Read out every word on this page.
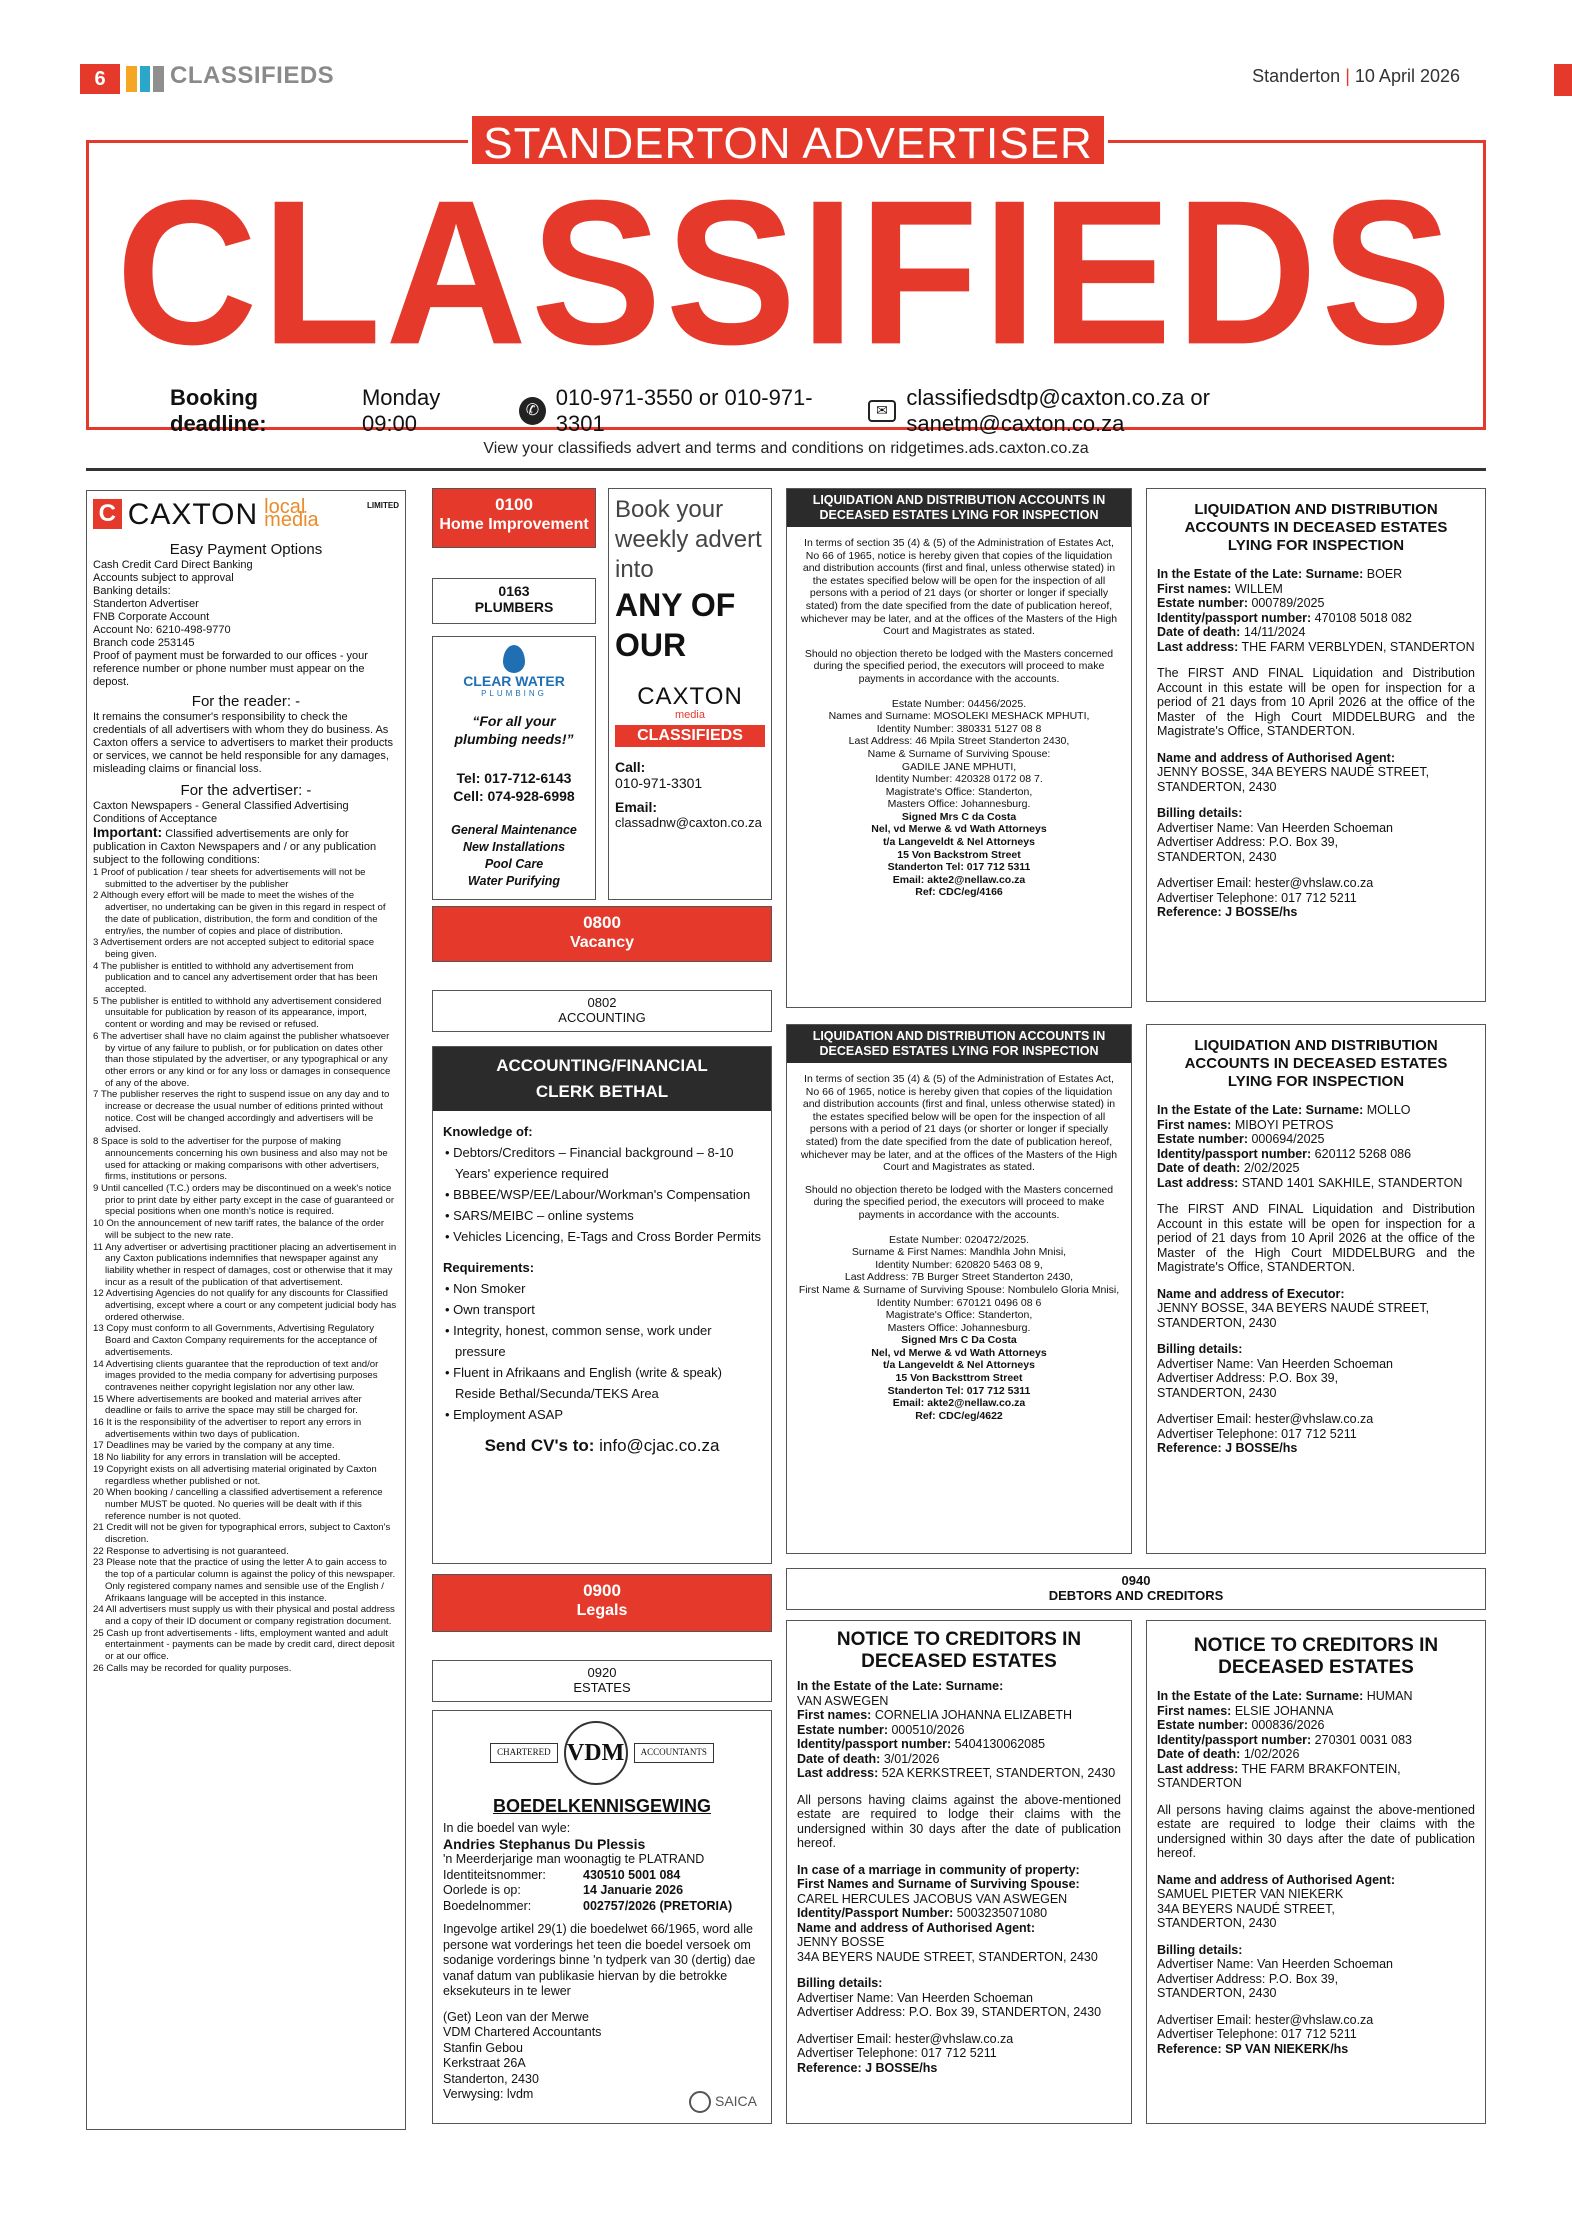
6	CLASSIFIEDS	Standerton | 10 April 2026
STANDERTON ADVERTISER
CLASSIFIEDS
Booking deadline:
Monday 09:00
✆
010-971-3550 or 010-971-3301
✉ classifiedsdtp@caxton.co.za or sanetm@caxton.co.za
View your classifieds advert and terms and conditions on ridgetimes.ads.caxton.co.za
C CAXTON local media
LIMITED
Easy Payment Options
Cash Credit Card Direct Banking
Accounts subject to approval
Banking details:
Standerton Advertiser
FNB Corporate Account
Account No: 6210-498-9770
Branch code 253145
Proof of payment must be forwarded to our offices - your reference number or phone number must appear on the depost.
For the reader: -
It remains the consumer's responsibility to check the credentials of all advertisers with whom they do business. As Caxton offers a service to advertisers to market their products or services, we cannot be held responsible for any damages, misleading claims or financial loss.
For the advertiser: -
Caxton Newspapers - General Classified Advertising Conditions of Acceptance
Important: Classified advertisements are only for publication in Caxton Newspapers and / or any publication subject to the following conditions:
1 Proof of publication / tear sheets for advertisements will not be submitted to the advertiser by the publisher
2 Although every effort will be made to meet the wishes of the advertiser, no undertaking can be given in this regard in respect of the date of publication, distribution, the form and condition of the entry/ies, the number of copies and place of distribution.
3 Advertisement orders are not accepted subject to editorial space being given.
4 The publisher is entitled to withhold any advertisement from publication and to cancel any advertisement order that has been accepted.
5 The publisher is entitled to withhold any advertisement considered unsuitable for publication by reason of its appearance, import, content or wording and may be revised or refused.
6 The advertiser shall have no claim against the publisher whatsoever by virtue of any failure to publish, or for publication on dates other than those stipulated by the advertiser, or any typographical or any other errors or any kind or for any loss or damages in consequence of any of the above.
7 The publisher reserves the right to suspend issue on any day and to increase or decrease the usual number of editions printed without notice. Cost will be changed accordingly and advertisers will be advised.
8 Space is sold to the advertiser for the purpose of making announcements concerning his own business and also may not be used for attacking or making comparisons with other advertisers, firms, institutions or persons.
9 Until cancelled (T.C.) orders may be discontinued on a week's notice prior to print date by either party except in the case of guaranteed or special positions when one month's notice is required.
10 On the announcement of new tariff rates, the balance of the order will be subject to the new rate.
11 Any advertiser or advertising practitioner placing an advertisement in any Caxton publications indemnifies that newspaper against any liability whether in respect of damages, cost or otherwise that it may incur as a result of the publication of that advertisement.
12 Advertising Agencies do not qualify for any discounts for Classified advertising, except where a court or any competent judicial body has ordered otherwise.
13 Copy must conform to all Governments, Advertising Regulatory Board and Caxton Company requirements for the acceptance of advertisements.
14 Advertising clients guarantee that the reproduction of text and/or images provided to the media company for advertising purposes contravenes neither copyright legislation nor any other law.
15 Where advertisements are booked and material arrives after deadline or fails to arrive the space may still be charged for.
16 It is the responsibility of the advertiser to report any errors in advertisements within two days of publication.
17 Deadlines may be varied by the company at any time.
18 No liability for any errors in translation will be accepted.
19 Copyright exists on all advertising material originated by Caxton regardless whether published or not.
20 When booking / cancelling a classified advertisement a reference number MUST be quoted. No queries will be dealt with if this reference number is not quoted.
21 Credit will not be given for typographical errors, subject to Caxton's discretion.
22 Response to advertising is not guaranteed.
23 Please note that the practice of using the letter A to gain access to the top of a particular column is against the policy of this newspaper. Only registered company names and sensible use of the English / Afrikaans language will be accepted in this instance.
24 All advertisers must supply us with their physical and postal address and a copy of their ID document or company registration document.
25 Cash up front advertisements - lifts, employment wanted and adult entertainment - payments can be made by credit card, direct deposit or at our office.
26 Calls may be recorded for quality purposes.
0100
Home Improvement
0163
PLUMBERS
CLEAR WATER
PLUMBING
“For all your plumbing needs!”
Tel: 017-712-6143
Cell: 074-928-6998
General Maintenance
New Installations
Pool Care
Water Purifying
0800
Vacancy
0802
ACCOUNTING
ACCOUNTING/FINANCIAL CLERK BETHAL
Knowledge of:
• Debtors/Creditors – Financial background – 8-10 Years' experience required
• BBBEE/WSP/EE/Labour/Workman's Compensation
• SARS/MEIBC – online systems
• Vehicles Licencing, E-Tags and Cross Border Permits
Requirements:
• Non Smoker
• Own transport
• Integrity, honest, common sense, work under pressure
• Fluent in Afrikaans and English (write & speak) Reside Bethal/Secunda/TEKS Area
• Employment ASAP
Send CV's to: info@cjac.co.za
0900
Legals
0920
ESTATES
CHARTERED VDM	ACCOUNTANTS
BOEDELKENNISGEWING
In die boedel van wyle:
Andries Stephanus Du Plessis
'n Meerderjarige man woonagtig te PLATRAND
Identiteitsnommer:	430510 5001 084
Oorlede is op:	14 Januarie 2026
Boedelnommer:	002757/2026 (PRETORIA)
Ingevolge artikel 29(1) die boedelwet 66/1965, word alle persone wat vorderings het teen die boedel versoek om sodanige vorderings binne 'n tydperk van 30 (dertig) dae vanaf datum van publikasie hiervan by die betrokke eksekuteurs in te lewer
(Get) Leon van der Merwe
VDM Chartered Accountants
Stanfin Gebou
Kerkstraat 26A
Standerton, 2430
Verwysing: lvdm	SAICA
Book your
weekly advert
into
ANY OF
OUR
CAXTON
media
CLASSIFIEDS
Call:
010-971-3301
Email:
classadnw@caxton.co.za
LIQUIDATION AND DISTRIBUTION ACCOUNTS IN DECEASED ESTATES LYING FOR INSPECTION

In terms of section 35 (4) & (5) of the Administration of Estates Act, No 66 of 1965, notice is hereby given that copies of the liquidation and distribution accounts (first and final, unless otherwise stated) in the estates specified below will be open for the inspection of all persons with a period of 21 days (or shorter or longer if specially stated) from the date specified from the date of publication hereof, whichever may be later, and at the offices of the Masters of the High Court and Magistrates as stated.

Should no objection thereto be lodged with the Masters concerned during the specified period, the executors will proceed to make payments in accordance with the accounts.

Estate Number: 04456/2025.
Names and Surname: MOSOLEKI MESHACK MPHUTI,
Identity Number: 380331 5127 08 8
Last Address: 46 Mpila Street Standerton 2430,
Name & Surname of Surviving Spouse:
GADILE JANE MPHUTI,
Identity Number: 420328 0172 08 7.
Magistrate's Office: Standerton,
Masters Office: Johannesburg.
Signed Mrs C da Costa
Nel, vd Merwe & vd Wath Attorneys
t/a Langeveldt & Nel Attorneys
15 Von Backstrom Street
Standerton Tel: 017 712 5311
Email: akte2@nellaw.co.za
Ref: CDC/eg/4166
LIQUIDATION AND DISTRIBUTION ACCOUNTS IN DECEASED ESTATES LYING FOR INSPECTION

In terms of section 35 (4) & (5) of the Administration of Estates Act, No 66 of 1965, notice is hereby given that copies of the liquidation and distribution accounts (first and final, unless otherwise stated) in the estates specified below will be open for the inspection of all persons with a period of 21 days (or shorter or longer if specially stated) from the date specified from the date of publication hereof, whichever may be later, and at the offices of the Masters of the High Court and Magistrates as stated.

Should no objection thereto be lodged with the Masters concerned during the specified period, the executors will proceed to make payments in accordance with the accounts.

Estate Number: 020472/2025.
Surname & First Names: Mandhla John Mnisi,
Identity Number: 620820 5463 08 9,
Last Address: 7B Burger Street Standerton 2430,
First Name & Surname of Surviving Spouse: Nombulelo Gloria Mnisi,
Identity Number: 670121 0496 08 6
Magistrate's Office: Standerton,
Masters Office: Johannesburg.
Signed Mrs C Da Costa
Nel, vd Merwe & vd Wath Attorneys
t/a Langeveldt & Nel Attorneys
15 Von Backsttrom Street
Standerton Tel: 017 712 5311
Email: akte2@nellaw.co.za
Ref: CDC/eg/4622
0940
DEBTORS AND CREDITORS
NOTICE TO CREDITORS IN DECEASED ESTATES
In the Estate of the Late: Surname:
VAN ASWEGEN
First names: CORNELIA JOHANNA ELIZABETH
Estate number: 000510/2026
Identity/passport number: 5404130062085
Date of death: 3/01/2026
Last address: 52A KERKSTREET, STANDERTON, 2430
All persons having claims against the above-mentioned estate are required to lodge their claims with the undersigned within 30 days after the date of publication hereof.
In case of a marriage in community of property:
First Names and Surname of Surviving Spouse:
CAREL HERCULES JACOBUS VAN ASWEGEN
Identity/Passport Number: 5003235071080
Name and address of Authorised Agent:
JENNY BOSSE
34A BEYERS NAUDE STREET, STANDERTON, 2430
Billing details:
Advertiser Name: Van Heerden Schoeman
Advertiser Address: P.O. Box 39, STANDERTON, 2430
Advertiser Email: hester@vhslaw.co.za
Advertiser Telephone: 017 712 5211
Reference: J BOSSE/hs
LIQUIDATION AND DISTRIBUTION ACCOUNTS IN DECEASED ESTATES LYING FOR INSPECTION
In the Estate of the Late: Surname: BOER
First names: WILLEM
Estate number: 000789/2025
Identity/passport number: 470108 5018 082
Date of death: 14/11/2024
Last address: THE FARM VERBLYDEN, STANDERTON
The FIRST AND FINAL Liquidation and Distribution Account in this estate will be open for inspection for a period of 21 days from 10 April 2026 at the office of the Master of the High Court MIDDELBURG and the Magistrate's Office, STANDERTON.
Name and address of Authorised Agent:
JENNY BOSSE, 34A BEYERS NAUDÉ STREET, STANDERTON, 2430
Billing details:
Advertiser Name: Van Heerden Schoeman
Advertiser Address: P.O. Box 39,
STANDERTON, 2430
Advertiser Email: hester@vhslaw.co.za
Advertiser Telephone: 017 712 5211
Reference: J BOSSE/hs
LIQUIDATION AND DISTRIBUTION ACCOUNTS IN DECEASED ESTATES LYING FOR INSPECTION
In the Estate of the Late: Surname: MOLLO
First names: MIBOYI PETROS
Estate number: 000694/2025
Identity/passport number: 620112 5268 086
Date of death: 2/02/2025
Last address: STAND 1401 SAKHILE, STANDERTON
The FIRST AND FINAL Liquidation and Distribution Account in this estate will be open for inspection for a period of 21 days from 10 April 2026 at the office of the Master of the High Court MIDDELBURG and the Magistrate's Office, STANDERTON.
Name and address of Executor:
JENNY BOSSE, 34A BEYERS NAUDÉ STREET, STANDERTON, 2430
Billing details:
Advertiser Name: Van Heerden Schoeman
Advertiser Address: P.O. Box 39,
STANDERTON, 2430
Advertiser Email: hester@vhslaw.co.za
Advertiser Telephone: 017 712 5211
Reference: J BOSSE/hs
NOTICE TO CREDITORS IN DECEASED ESTATES
In the Estate of the Late: Surname: HUMAN
First names: ELSIE JOHANNA
Estate number: 000836/2026
Identity/passport number: 270301 0031 083
Date of death: 1/02/2026
Last address: THE FARM BRAKFONTEIN, STANDERTON
All persons having claims against the above-mentioned estate are required to lodge their claims with the undersigned within 30 days after the date of publication hereof.
Name and address of Authorised Agent:
SAMUEL PIETER VAN NIEKERK
34A BEYERS NAUDÉ STREET,
STANDERTON, 2430
Billing details:
Advertiser Name: Van Heerden Schoeman
Advertiser Address: P.O. Box 39,
STANDERTON, 2430
Advertiser Email: hester@vhslaw.co.za
Advertiser Telephone: 017 712 5211
Reference: SP VAN NIEKERK/hs
